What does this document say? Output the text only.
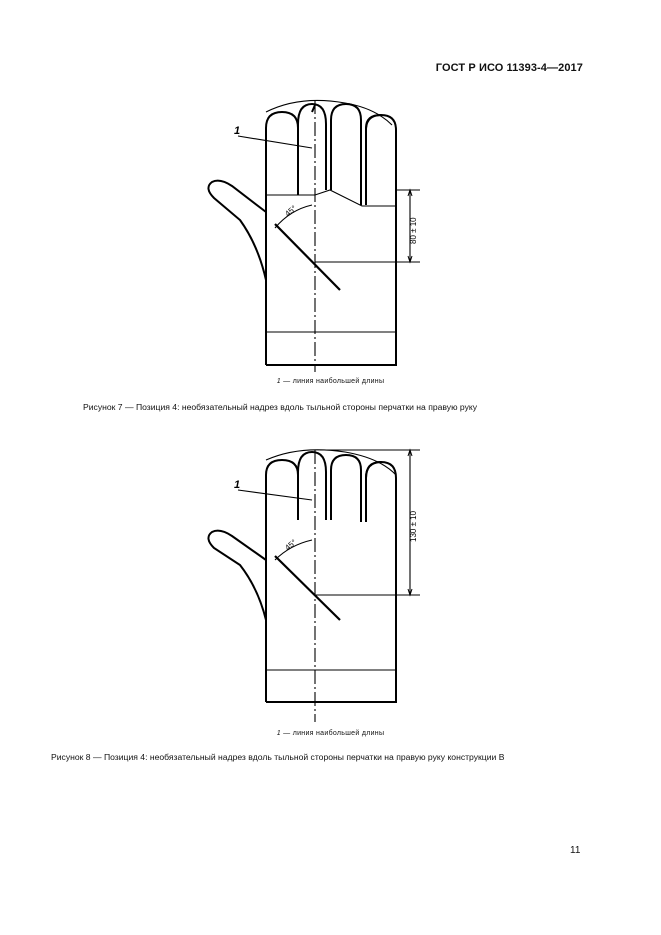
ГОСТ Р ИСО 11393-4—2017
1
45°
80 ± 10
1 — линия наибольшей длины
Рисунок 7 — Позиция 4: необязательный надрез вдоль тыльной стороны перчатки на правую руку
1
45°
130 ± 10
1 — линия наибольшей длины
Рисунок 8 — Позиция 4: необязательный надрез вдоль тыльной стороны перчатки на правую руку конструкции В
11
